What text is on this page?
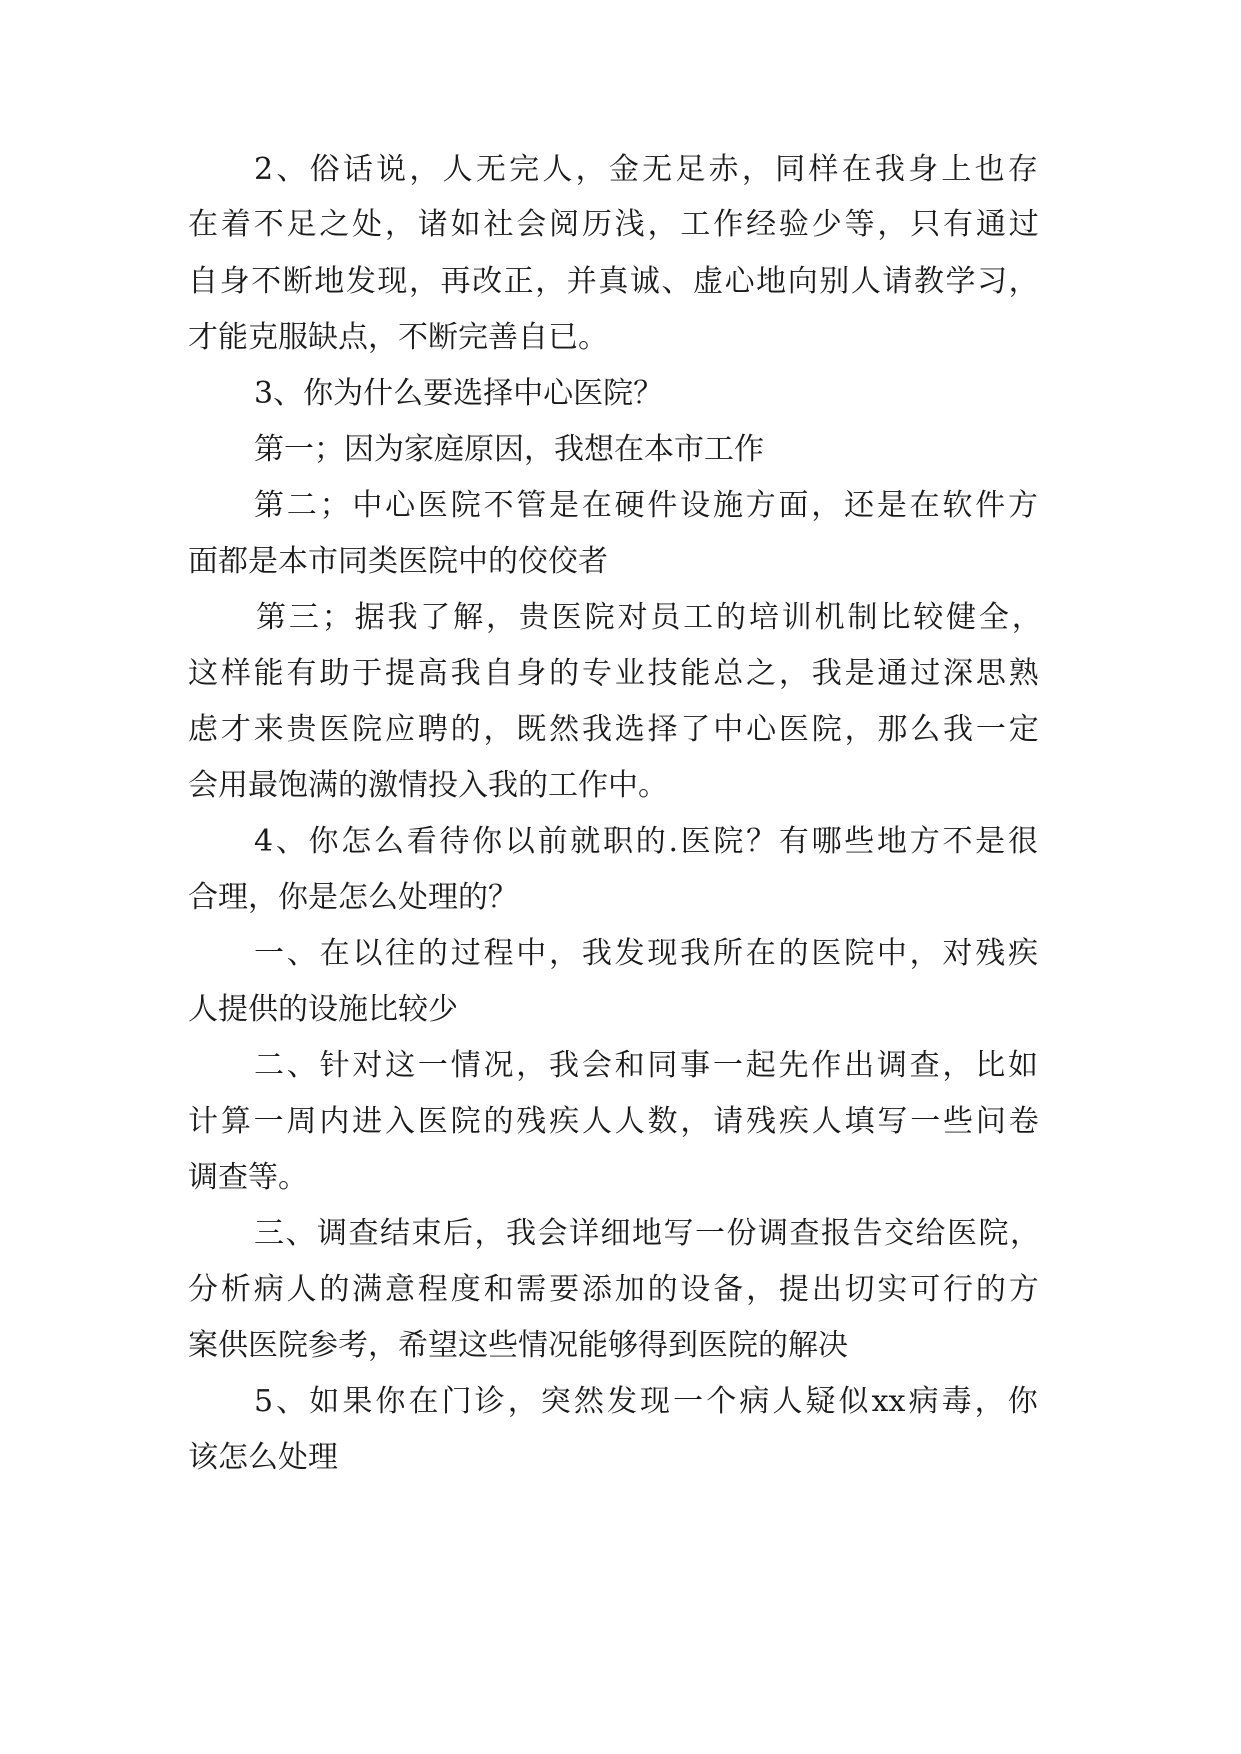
2 、 俗 话 说 ， 人 无 完 人 ， 金 无 足 赤 ， 同 样 在 我 身 上 也 存
在 着 不 足 之 处 ， 诸 如 社 会 阅 历 浅 ， 工 作 经 验 少 等 ， 只 有 通 过
自 身 不 断 地 发 现 ， 再 改 正 ， 并 真 诚 、 虚 心 地 向 别 人 请 教 学 习 ，
才能克服缺点，不断完善自已。
3、你为什么要选择中心医院？
第一；因为家庭原因，我想在本市工作
第 二 ； 中 心 医 院 不 管 是 在 硬 件 设 施 方 面 ， 还 是 在 软 件 方
面都是本市同类医院中的佼佼者
第 三 ； 据 我 了 解 ， 贵 医 院 对 员 工 的 培 训 机 制 比 较 健 全 ，
这 样 能 有 助 于 提 高 我 自 身 的 专 业 技 能 总 之 ， 我 是 通 过 深 思 熟
虑 才 来 贵 医 院 应 聘 的 ， 既 然 我 选 择 了 中 心 医 院 ， 那 么 我 一 定
会用最饱满的激情投入我的工作中。
4 、 你 怎 么 看 待 你 以 前 就 职 的 . 医 院 ？ 有 哪 些 地 方 不 是 很
合理，你是怎么处理的？
一 、 在 以 往 的 过 程 中 ， 我 发 现 我 所 在 的 医 院 中 ， 对 残 疾
人提供的设施比较少
二 、 针 对 这 一 情 况 ， 我 会 和 同 事 一 起 先 作 出 调 查 ， 比 如
计 算 一 周 内 进 入 医 院 的 残 疾 人 人 数 ， 请 残 疾 人 填 写 一 些 问 卷
调查等。
三 、 调 查 结 束 后 ， 我 会 详 细 地 写 一 份 调 查 报 告 交 给 医 院 ，
分 析 病 人 的 满 意 程 度 和 需 要 添 加 的 设 备 ， 提 出 切 实 可 行 的 方
案供医院参考，希望这些情况能够得到医院的解决
5 、 如 果 你 在 门 诊 ， 突 然 发 现 一 个 病 人 疑 似 xx 病 毒 ， 你
该怎么处理
